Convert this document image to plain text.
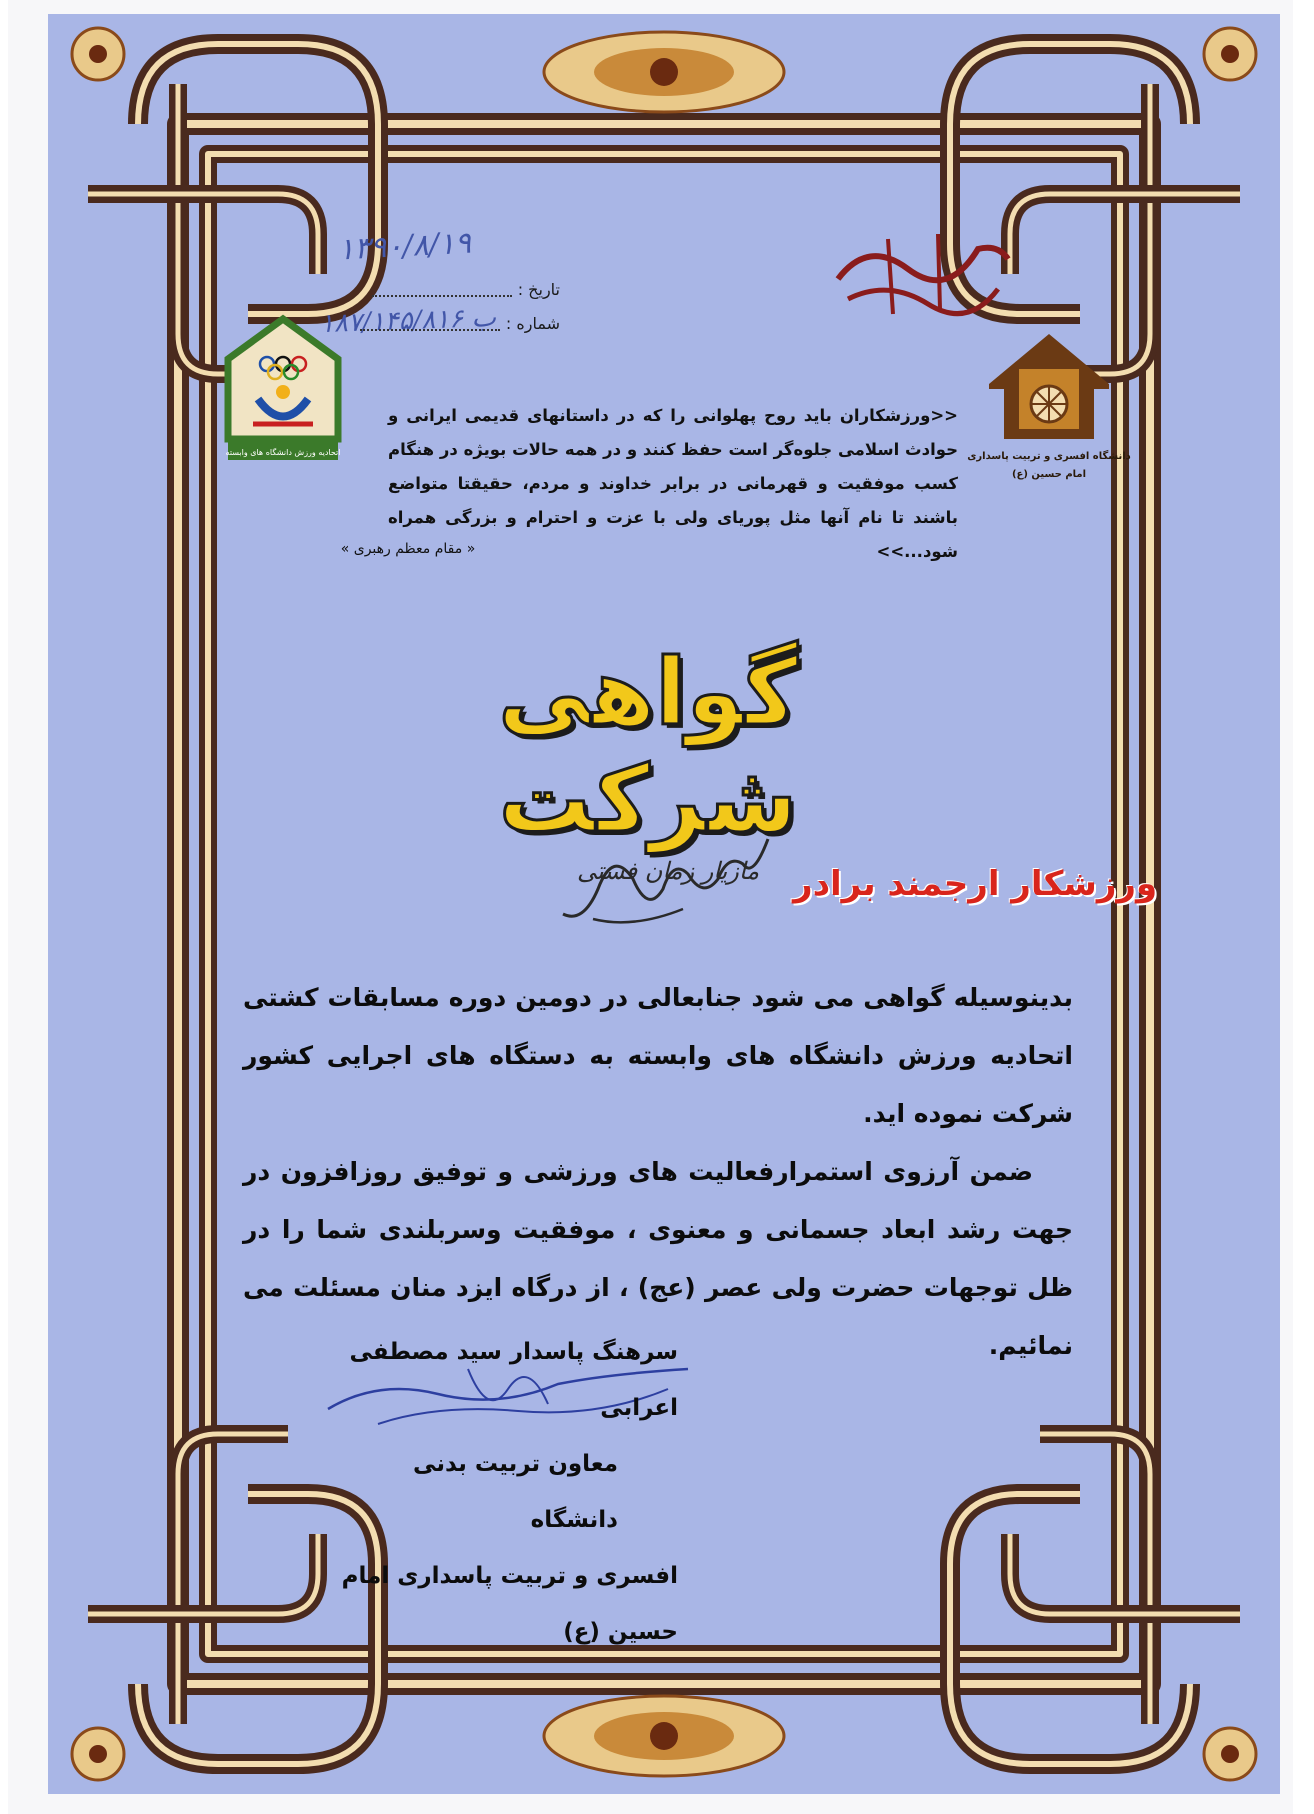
۱۳۹۰/۸/۱۹
۱۸۷/۱۴۵/۸۱۶ ب
تاریخ :
شماره :
اتحادیه ورزش دانشگاه های وابسته	دانشگاه افسری و تربیت پاسداری
امام حسین (ع)
<<ورزشکاران باید روح پهلوانی را که در داستانهای قدیمی ایرانی و حوادث اسلامی جلوه‌گر است حفظ کنند و در همه حالات بویژه در هنگام کسب موفقیت و قهرمانی در برابر خداوند و مردم، حقیقتا متواضع باشند تا نام آنها مثل پوریای ولی با عزت و احترام و بزرگی همراه شود...>>
« مقام معظم رهبری »
گواهی شرکت
ورزشکار ارجمند برادر
مازیار زمان فستی

بدینوسیله گواهی می شود جنابعالی در دومین دوره مسابقات کشتی اتحادیه ورزش دانشگاه های وابسته به دستگاه های اجرایی کشور شرکت نموده اید.

ضمن آرزوی استمرارفعالیت های ورزشی و توفیق روزافزون در جهت رشد ابعاد جسمانی و معنوی ، موفقیت وسربلندی شما را در ظل توجهات حضرت ولی عصر (عج) ، از درگاه ایزد منان مسئلت می نمائیم.

سرهنگ پاسدار سید مصطفی اعرابی
معاون تربیت بدنی دانشگاه
افسری و تربیت پاسداری امام حسین (ع)
